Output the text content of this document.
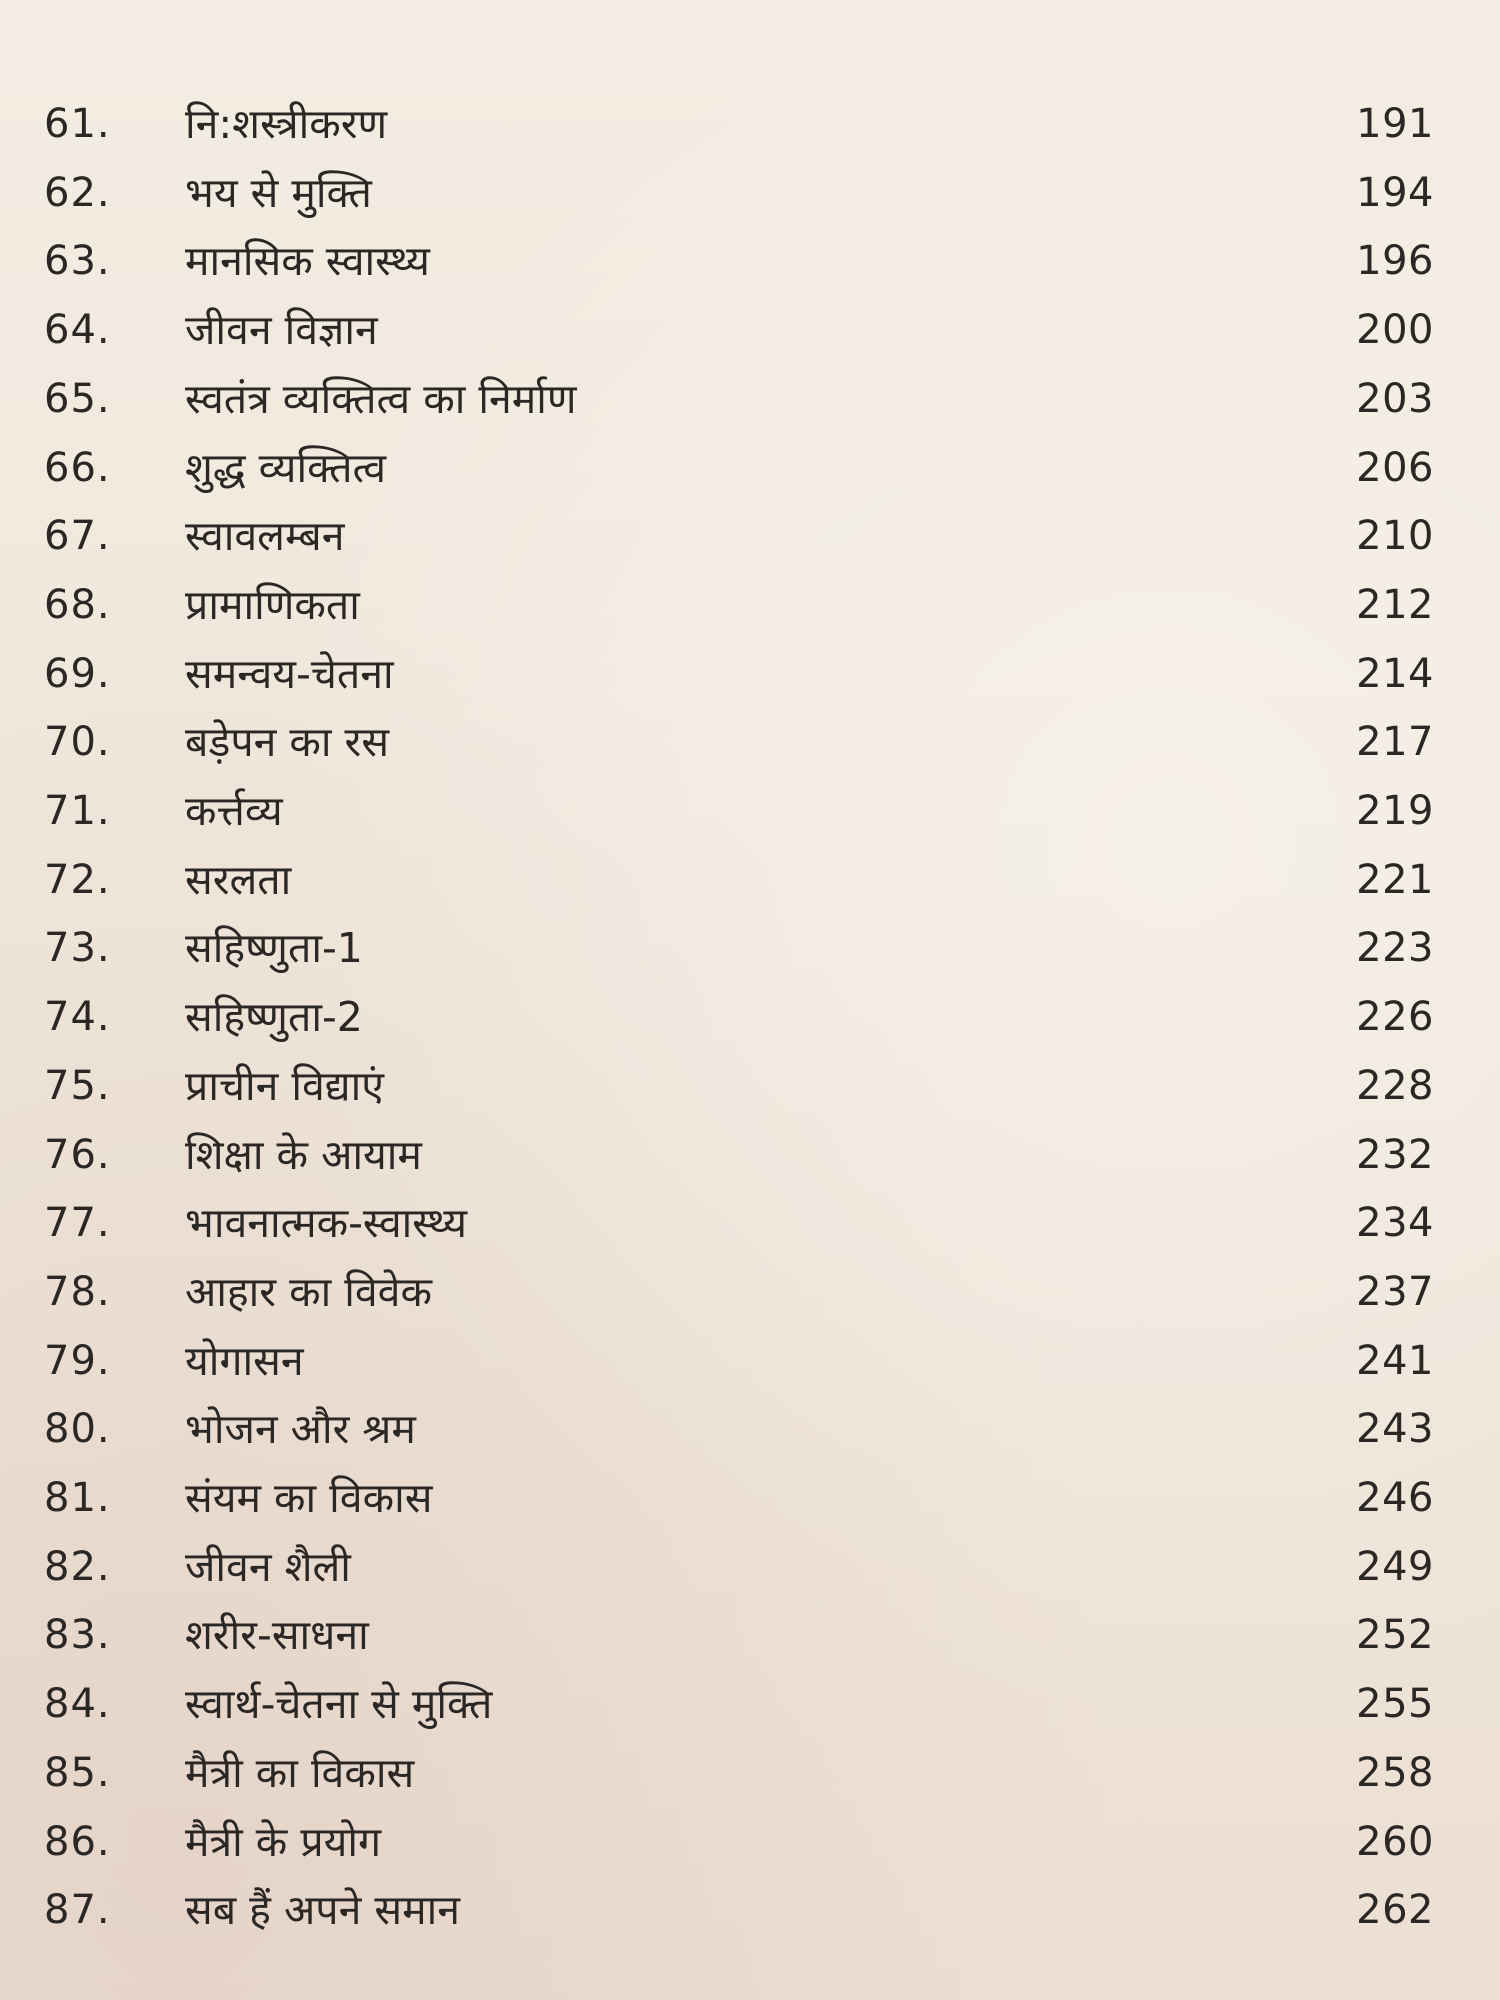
61.	नि:शस्त्रीकरण	191
62.	भय से मुक्ति	194
63.	मानसिक स्वास्थ्य	196
64.	जीवन विज्ञान	200
65.	स्वतंत्र व्यक्तित्व का निर्माण	203
66.	शुद्ध व्यक्तित्व	206
67.	स्वावलम्बन	210
68.	प्रामाणिकता	212
69.	समन्वय-चेतना	214
70.	बड़ेपन का रस	217
71.	कर्त्तव्य	219
72.	सरलता	221
73.	सहिष्णुता-1	223
74.	सहिष्णुता-2	226
75.	प्राचीन विद्याएं	228
76.	शिक्षा के आयाम	232
77.	भावनात्मक-स्वास्थ्य	234
78.	आहार का विवेक	237
79.	योगासन	241
80.	भोजन और श्रम	243
81.	संयम का विकास	246
82.	जीवन शैली	249
83.	शरीर-साधना	252
84.	स्वार्थ-चेतना से मुक्ति	255
85.	मैत्री का विकास	258
86.	मैत्री के प्रयोग	260
87.	सब हैं अपने समान	262
